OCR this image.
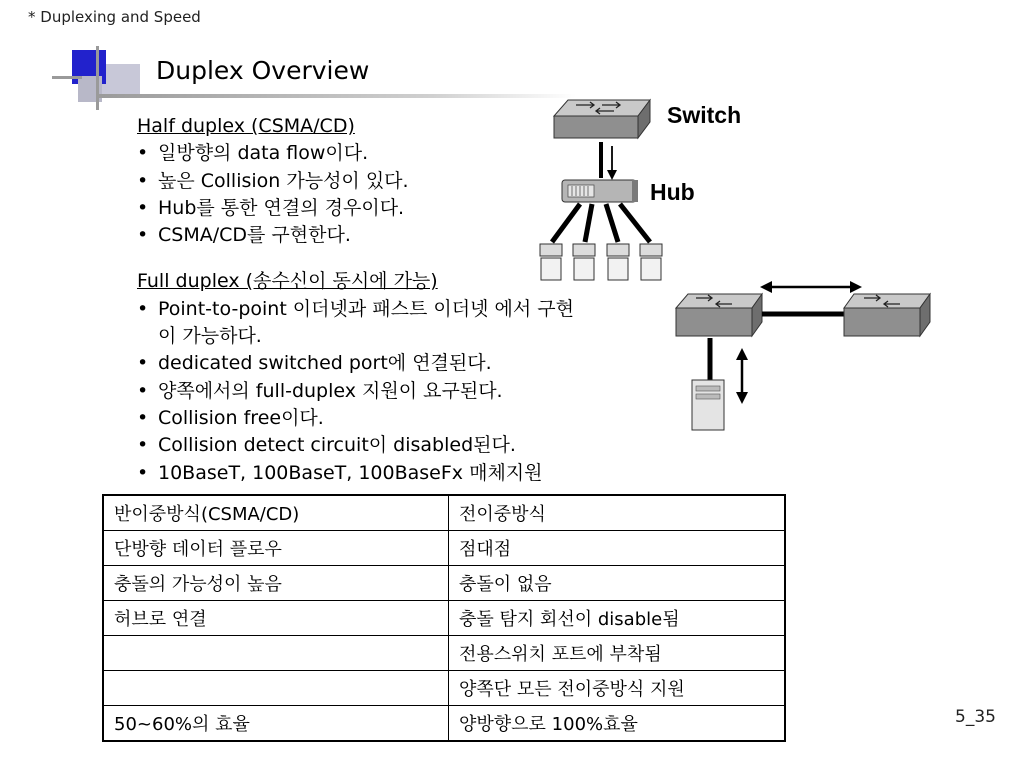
* Duplexing and Speed
Duplex Overview
Half duplex (CSMA/CD)
• 일방향의 data flow이다.
• 높은 Collision 가능성이 있다.
• Hub를 통한 연결의 경우이다.
• CSMA/CD를 구현한다.
Full duplex (송수신이 동시에 가능)
• Point-to-point 이더넷과 패스트 이더넷 에서 구현이 가능하다.
• dedicated switched port에 연결된다.
• 양쪽에서의 full-duplex 지원이 요구된다.
• Collision free이다.
• Collision detect circuit이 disabled된다.
• 10BaseT, 100BaseT, 100BaseFx 매체지원
Switch
Hub
반이중방식(CSMA/CD)	전이중방식
단방향 데이터 플로우	점대점
충돌의 가능성이 높음	충돌이 없음
허브로 연결	충돌 탐지 회선이 disable됨
	전용스위치 포트에 부착됨
	양쪽단 모든 전이중방식 지원
50~60%의 효율	양방향으로 100%효율	5_35
